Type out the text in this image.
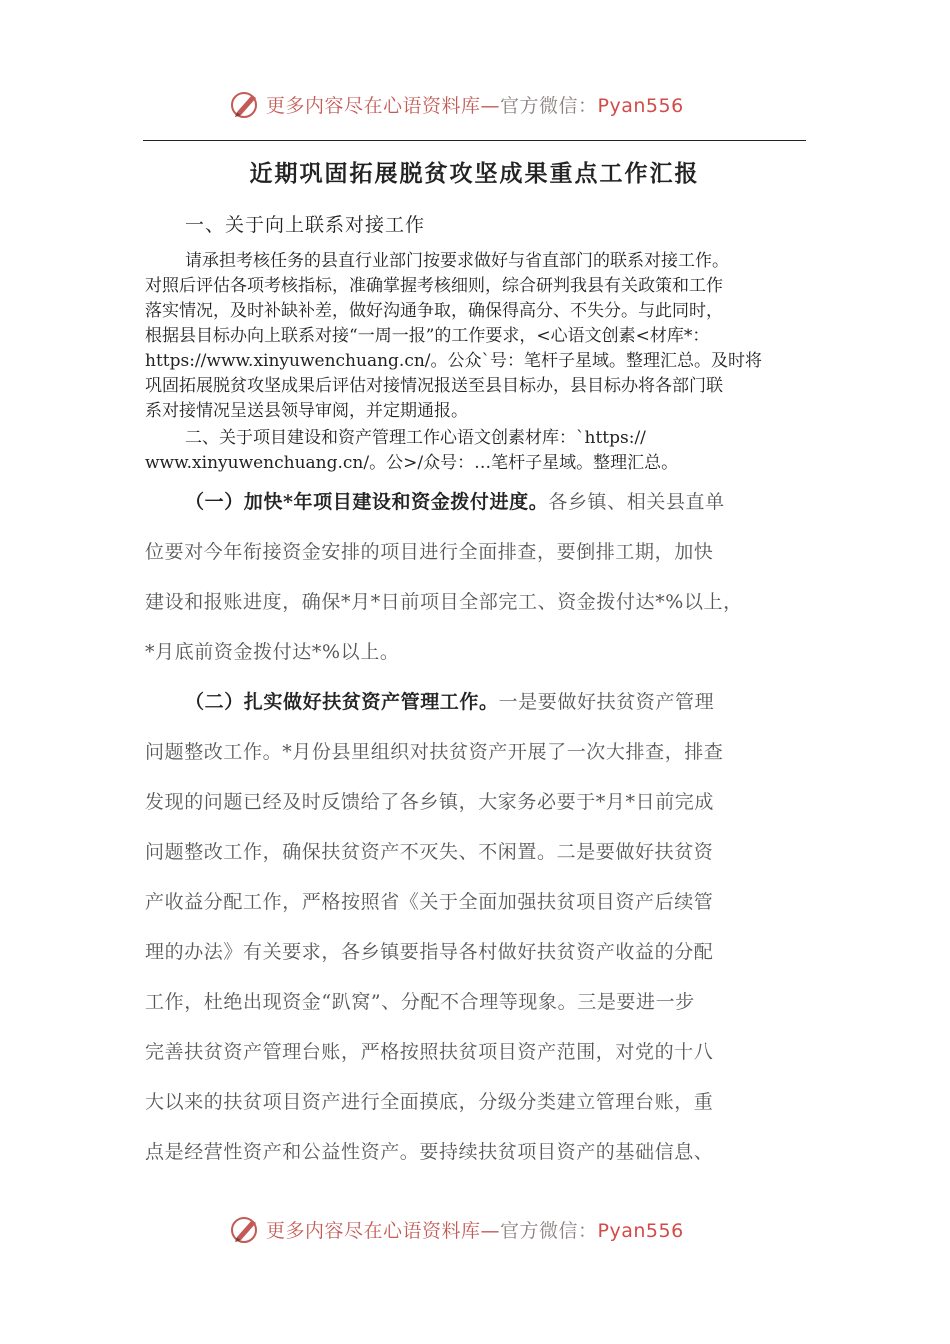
更多内容尽在心语资料库—官方微信：Pyan556
近期巩固拓展脱贫攻坚成果重点工作汇报
一、关于向上联系对接工作
请承担考核任务的县直行业部门按要求做好与省直部门的联系对接工作。
对照后评估各项考核指标，准确掌握考核细则，综合研判我县有关政策和工作
落实情况，及时补缺补差，做好沟通争取，确保得高分、不失分。与此同时，
根据县目标办向上联系对接“一周一报”的工作要求，<心语文创素<材库*：
https://www.xinyuwenchuang.cn/。公众`号：笔杆子星域。整理汇总。及时将
巩固拓展脱贫攻坚成果后评估对接情况报送至县目标办，县目标办将各部门联
系对接情况呈送县领导审阅，并定期通报。
二、关于项目建设和资产管理工作心语文创素材库：`https://
www.xinyuwenchuang.cn/。公>/众号：…笔杆子星域。整理汇总。
（一）加快*年项目建设和资金拨付进度。各乡镇、相关县直单
位要对今年衔接资金安排的项目进行全面排查，要倒排工期，加快
建设和报账进度，确保*月*日前项目全部完工、资金拨付达*%以上，
*月底前资金拨付达*%以上。
（二）扎实做好扶贫资产管理工作。一是要做好扶贫资产管理
问题整改工作。*月份县里组织对扶贫资产开展了一次大排查，排查
发现的问题已经及时反馈给了各乡镇，大家务必要于*月*日前完成
问题整改工作，确保扶贫资产不灭失、不闲置。二是要做好扶贫资
产收益分配工作，严格按照省《关于全面加强扶贫项目资产后续管
理的办法》有关要求，各乡镇要指导各村做好扶贫资产收益的分配
工作，杜绝出现资金“趴窝”、分配不合理等现象。三是要进一步
完善扶贫资产管理台账，严格按照扶贫项目资产范围，对党的十八
大以来的扶贫项目资产进行全面摸底，分级分类建立管理台账，重
点是经营性资产和公益性资产。要持续扶贫项目资产的基础信息、
更多内容尽在心语资料库—官方微信：Pyan556
